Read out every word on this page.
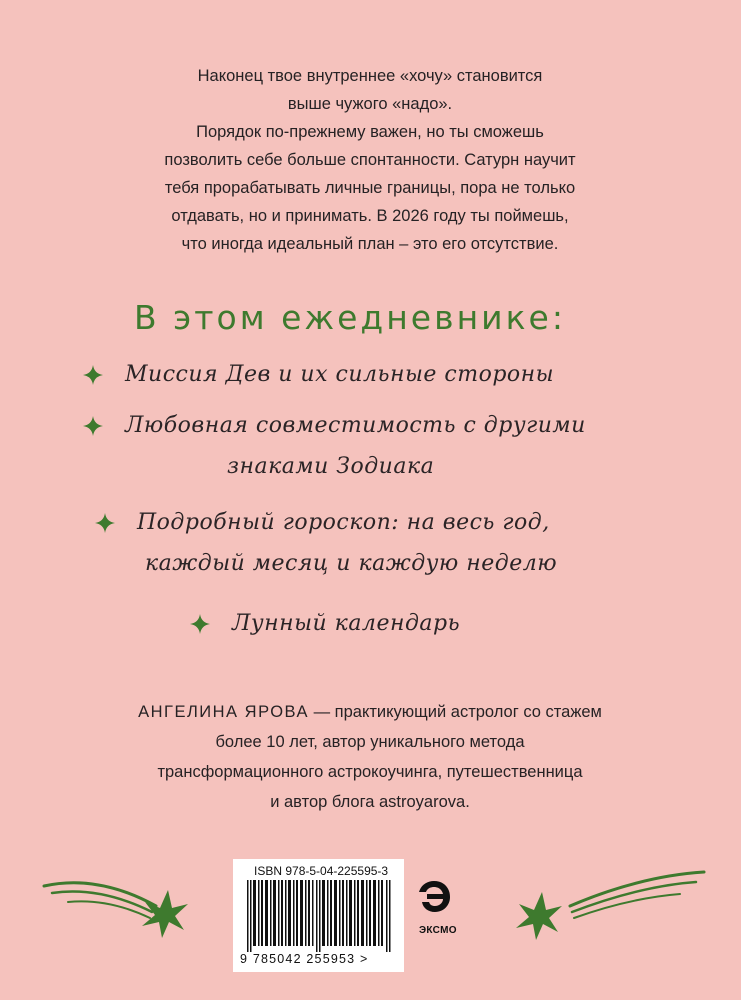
Наконец твое внутреннее «хочу» становится

выше чужого «надо».

Порядок по-прежнему важен, но ты сможешь

позволить себе больше спонтанности. Сатурн научит

тебя прорабатывать личные границы, пора не только

отдавать, но и принимать. В 2026 году ты поймешь,

что иногда идеальный план – это его отсутствие.

В этом ежедневнике:
Миссия Дев и их сильные стороны
Любовная совместимость с другими
знаками Зодиака
Подробный гороскоп: на весь год,
каждый месяц и каждую неделю
Лунный календарь
АНГЕЛИНА ЯРОВА — практикующий астролог со стажем
более 10 лет, автор уникального метода
трансформационного астрокоучинга, путешественница
и автор блога astroyarova.
ISBN 978-5-04-225595-3
9 785042 255953 >
ЭКСМО
